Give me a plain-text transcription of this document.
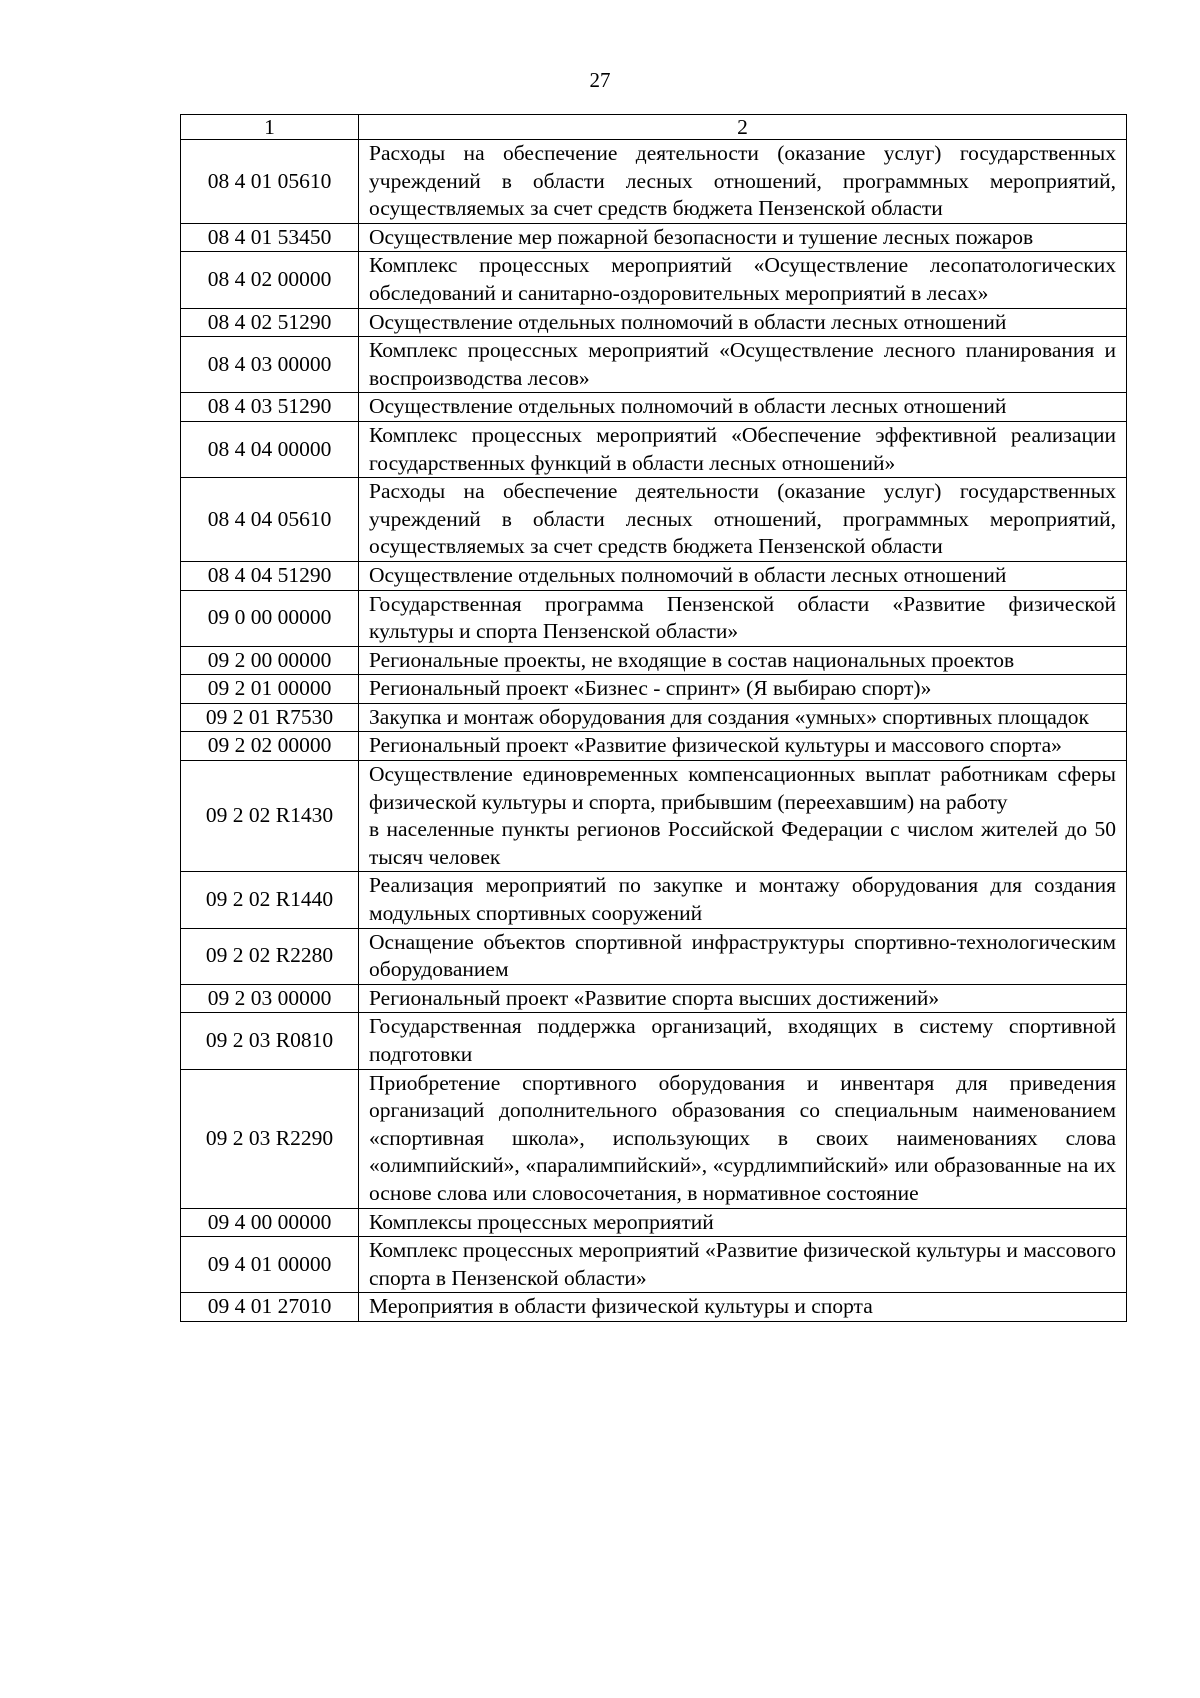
27
1	2
08 4 01 05610	Расходы на обеспечение деятельности (оказание услуг) государственных учреждений в области лесных отношений, программных мероприятий, осуществляемых за счет средств бюджета Пензенской области
08 4 01 53450	Осуществление мер пожарной безопасности и тушение лесных пожаров
08 4 02 00000	Комплекс процессных мероприятий «Осуществление лесопатологических обследований и санитарно-оздоровительных мероприятий в лесах»
08 4 02 51290	Осуществление отдельных полномочий в области лесных отношений
08 4 03 00000	Комплекс процессных мероприятий «Осуществление лесного планирования и воспроизводства лесов»
08 4 03 51290	Осуществление отдельных полномочий в области лесных отношений
08 4 04 00000	Комплекс процессных мероприятий «Обеспечение эффективной реализации государственных функций в области лесных отношений»
08 4 04 05610	Расходы на обеспечение деятельности (оказание услуг) государственных учреждений в области лесных отношений, программных мероприятий, осуществляемых за счет средств бюджета Пензенской области
08 4 04 51290	Осуществление отдельных полномочий в области лесных отношений
09 0 00 00000	Государственная программа Пензенской области «Развитие физической культуры и спорта Пензенской области»
09 2 00 00000	Региональные проекты, не входящие в состав национальных проектов
09 2 01 00000	Региональный проект «Бизнес - спринт» (Я выбираю спорт)»
09 2 01 R7530	Закупка и монтаж оборудования для создания «умных» спортивных площадок
09 2 02 00000	Региональный проект «Развитие физической культуры и массового спорта»
09 2 02 R1430	Осуществление единовременных компенсационных выплат работникам сферы физической культуры и спорта, прибывшим (переехавшим) на работу
в населенные пункты регионов Российской Федерации с числом жителей до 50 тысяч человек
09 2 02 R1440	Реализация мероприятий по закупке и монтажу оборудования для создания модульных спортивных сооружений
09 2 02 R2280	Оснащение объектов спортивной инфраструктуры спортивно-технологическим оборудованием
09 2 03 00000	Региональный проект «Развитие спорта высших достижений»
09 2 03 R0810	Государственная поддержка организаций, входящих в систему спортивной подготовки
09 2 03 R2290	Приобретение спортивного оборудования и инвентаря для приведения организаций дополнительного образования со специальным наименованием «спортивная школа», использующих в своих наименованиях слова «олимпийский», «паралимпийский», «сурдлимпийский» или образованные на их основе слова или словосочетания, в нормативное состояние
09 4 00 00000	Комплексы процессных мероприятий
09 4 01 00000	Комплекс процессных мероприятий «Развитие физической культуры и массового спорта в Пензенской области»
09 4 01 27010	Мероприятия в области физической культуры и спорта
